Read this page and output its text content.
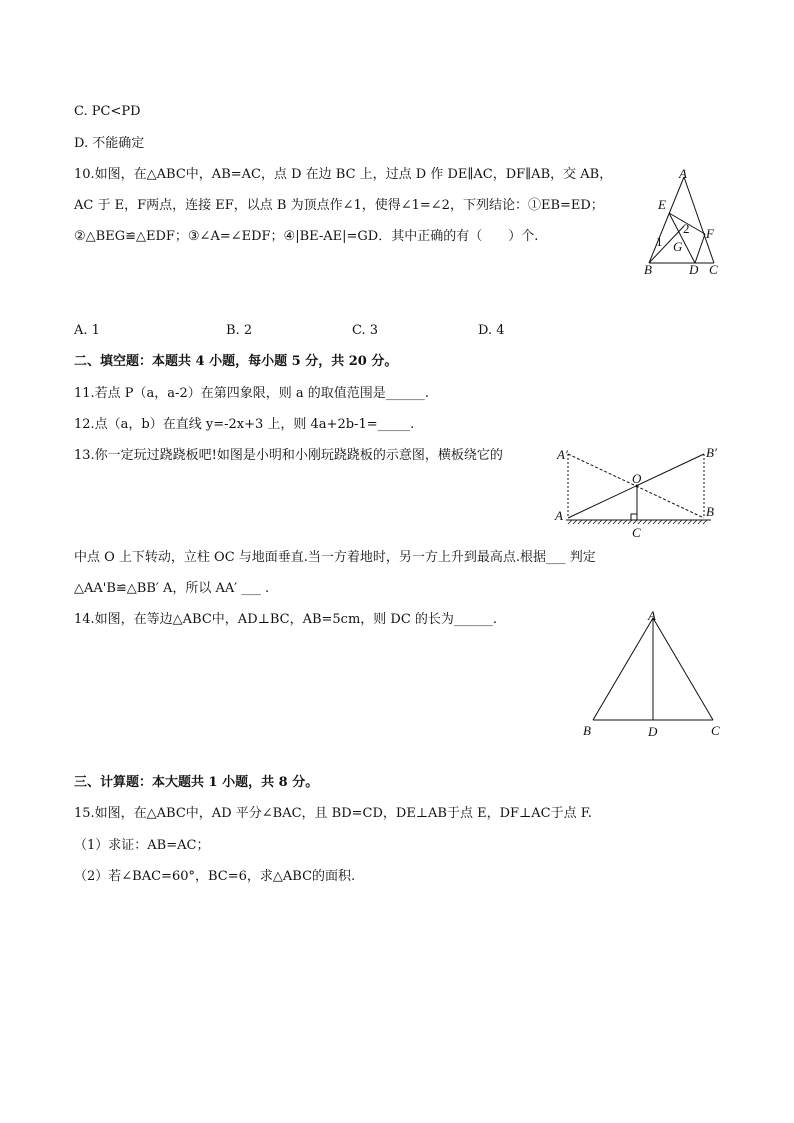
C. PC<PD
D. 不能确定
10.如图，在△ABC中，AB=AC，点 D 在边 BC 上，过点 D 作 DE∥AC，DF∥AB，交 AB，
AC 于 E，F两点，连接 EF，以点 B 为顶点作∠1，使得∠1=∠2，下列结论：①EB=ED；
②△BEG≌△EDF；③∠A=∠EDF；④|BE-AE|=GD．其中正确的有（　　）个.
A
E
F
G
B	D C
1
2
A. 1	B. 2	C. 3	D. 4
二、填空题：本题共 4 小题，每小题 5 分，共 20 分。
11.若点 P（a，a-2）在第四象限，则 a 的取值范围是______.
12.点（a，b）在直线 y=-2x+3 上，则 4a+2b-1=_____.
13.你一定玩过跷跷板吧!如图是小明和小刚玩跷跷板的示意图，横板绕它的	A′	B′
O
A	B
C
中点 O 上下转动，立柱 OC 与地面垂直.当一方着地时，另一方上升到最高点.根据___ 判定
△AA'B≌△BB′ A，所以 AA′ ___ .
14.如图，在等边△ABC中，AD⊥BC，AB=5cm，则 DC 的长为______.	A
B	D	C
三、计算题：本大题共 1 小题，共 8 分。
15.如图，在△ABC中，AD 平分∠BAC，且 BD=CD，DE⊥AB于点 E，DF⊥AC于点 F.
（1）求证：AB=AC；
（2）若∠BAC=60°，BC=6，求△ABC的面积.
